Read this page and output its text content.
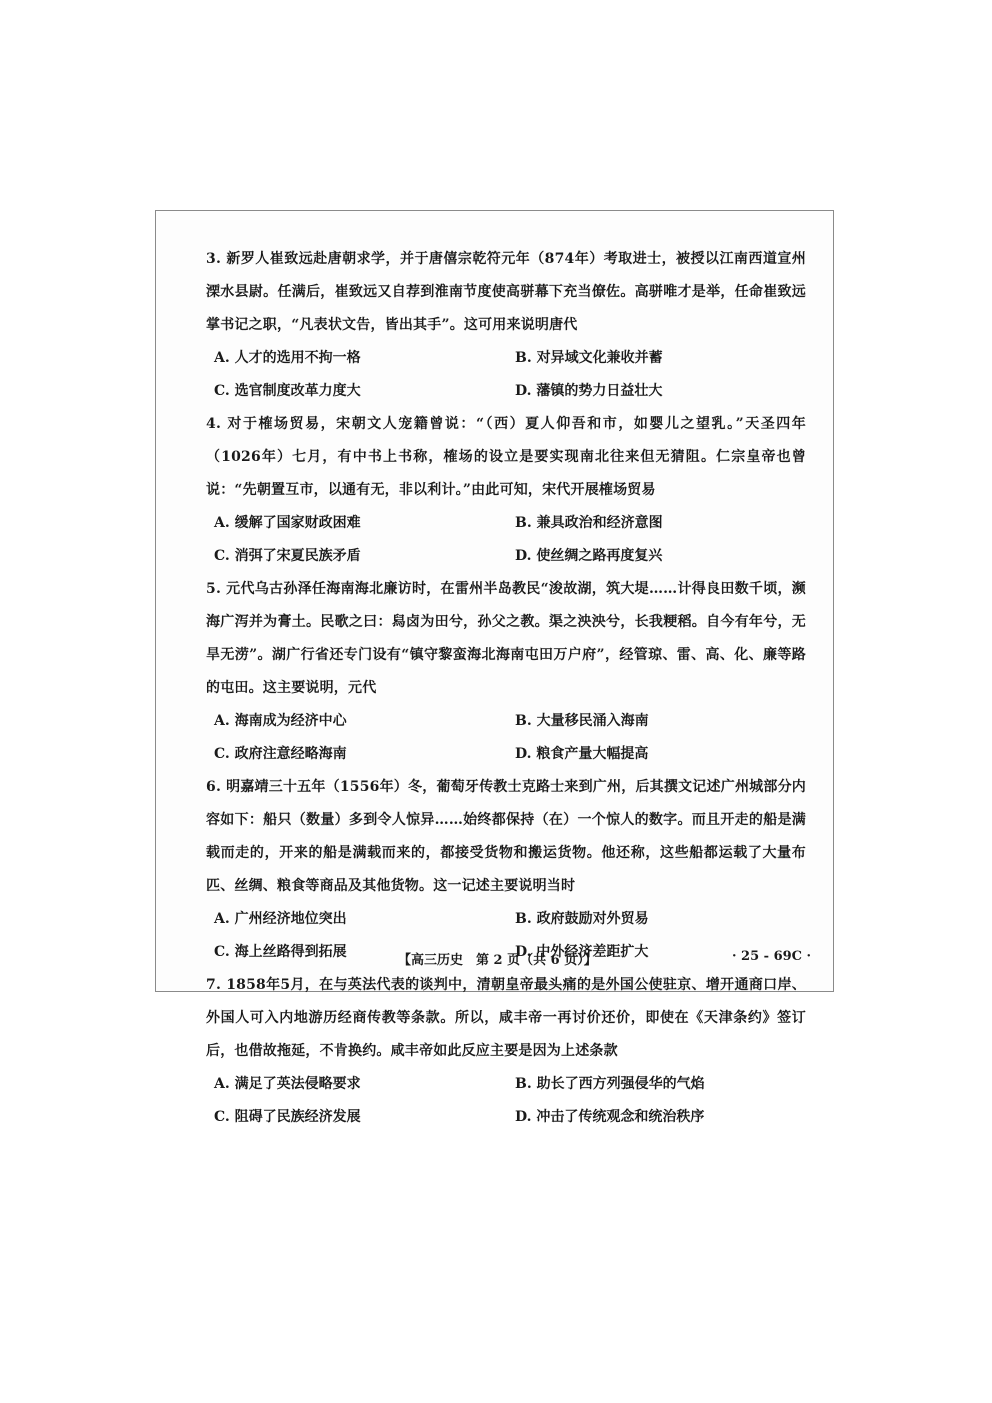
3. 新罗人崔致远赴唐朝求学，并于唐僖宗乾符元年（874年）考取进士，被授以江南西道宣州溧水县尉。任满后，崔致远又自荐到淮南节度使高骈幕下充当僚佐。高骈唯才是举，任命崔致远掌书记之职，“凡表状文告，皆出其手”。这可用来说明唐代

A. 人才的选用不拘一格	B. 对异域文化兼收并蓄
C. 选官制度改革力度大	D. 藩镇的势力日益壮大

4. 对于榷场贸易，宋朝文人宠籍曾说：“（西）夏人仰吾和市，如婴儿之望乳。”天圣四年（1026年）七月，有中书上书称，榷场的设立是要实现南北往来但无猜阻。仁宗皇帝也曾说：“先朝置互市，以通有无，非以利计。”由此可知，宋代开展榷场贸易

A. 缓解了国家财政困难	B. 兼具政治和经济意图
C. 消弭了宋夏民族矛盾	D. 使丝绸之路再度复兴

5. 元代乌古孙泽任海南海北廉访时，在雷州半岛教民“浚故湖，筑大堤……计得良田数千顷，濒海广泻并为膏土。民歌之曰：舄卤为田兮，孙父之教。渠之泱泱兮，长我粳稻。自今有年兮，无旱无涝”。湖广行省还专门设有“镇守黎蛮海北海南屯田万户府”，经管琼、雷、高、化、廉等路的屯田。这主要说明，元代

A. 海南成为经济中心	B. 大量移民涌入海南
C. 政府注意经略海南	D. 粮食产量大幅提高

6. 明嘉靖三十五年（1556年）冬，葡萄牙传教士克路士来到广州，后其撰文记述广州城部分内容如下：船只（数量）多到令人惊异……始终都保持（在）一个惊人的数字。而且开走的船是满载而走的，开来的船是满载而来的，都接受货物和搬运货物。他还称，这些船都运载了大量布匹、丝绸、粮食等商品及其他货物。这一记述主要说明当时

A. 广州经济地位突出	B. 政府鼓励对外贸易
C. 海上丝路得到拓展	D. 中外经济差距扩大

7. 1858年5月，在与英法代表的谈判中，清朝皇帝最头痛的是外国公使驻京、增开通商口岸、外国人可入内地游历经商传教等条款。所以，咸丰帝一再讨价还价，即使在《天津条约》签订后，也借故拖延，不肯换约。咸丰帝如此反应主要是因为上述条款

A. 满足了英法侵略要求	B. 助长了西方列强侵华的气焰
C. 阻碍了民族经济发展	D. 冲击了传统观念和统治秩序
【高三历史　第 2 页（共 6 页）】	· 25 - 69C ·
